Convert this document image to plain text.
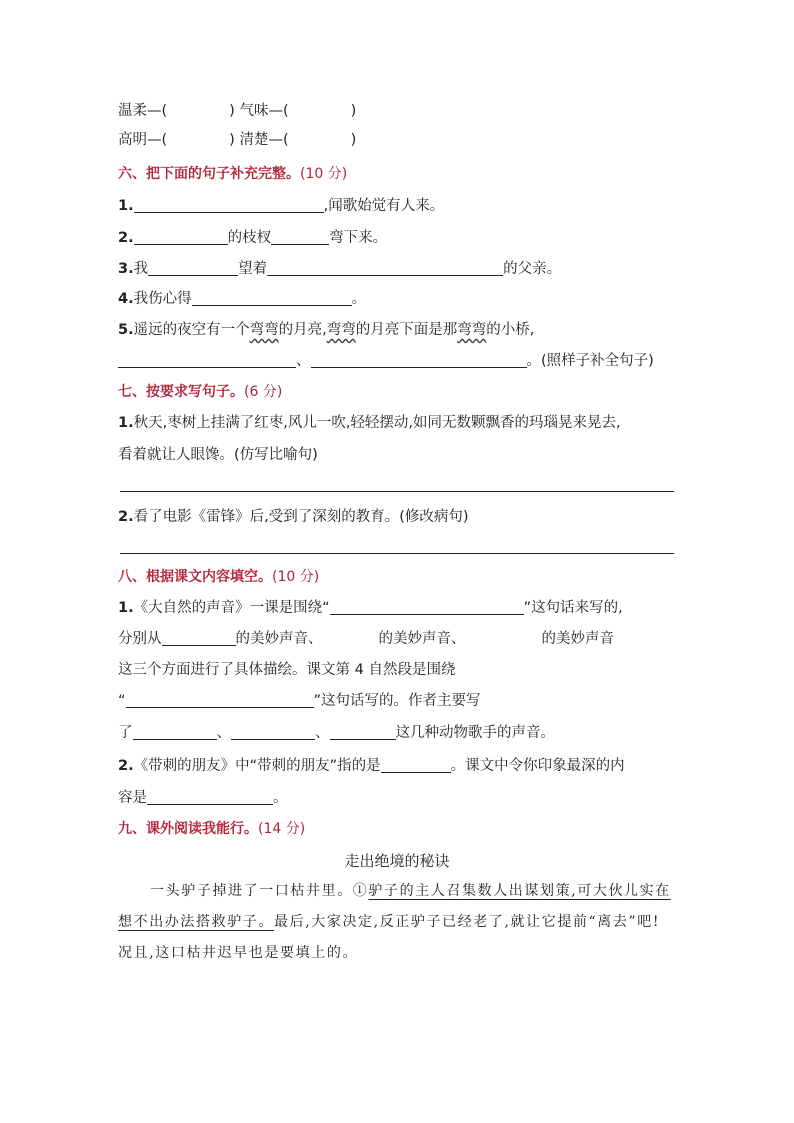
温柔—(	) 气味—(	)
高明—(	) 清楚—(	)
六、把下面的句子补充完整。(10 分)
1.	,闻歌始觉有人来。
2.	的枝杈	弯下来。
3.我	望着	的父亲。
4.我伤心得	。
5.遥远的夜空有一个弯弯的月亮,弯弯的月亮下面是那弯弯的小桥,
、	。(照样子补全句子)
七、按要求写句子。(6 分)
1.秋天,枣树上挂满了红枣,风儿一吹,轻轻摆动,如同无数颗飘香的玛瑙晃来晃去,
看着就让人眼馋。(仿写比喻句)
2.看了电影《雷锋》后,受到了深刻的教育。(修改病句)
八、根据课文内容填空。(10 分)
1.《大自然的声音》一课是围绕“	”这句话来写的,
分别从	的美妙声音、	的美妙声音、	的美妙声音
这三个方面进行了具体描绘。课文第 4 自然段是围绕
“	”这句话写的。作者主要写
了	、	、	这几种动物歌手的声音。
2.《带刺的朋友》中“带刺的朋友”指的是	。课文中令你印象最深的内
容是	。
九、课外阅读我能行。(14 分)
走出绝境的秘诀
一头驴子掉进了一口枯井里。①驴子的主人召集数人出谋划策,可大伙儿实在
想不出办法搭救驴子。最后,大家决定,反正驴子已经老了,就让它提前“离去”吧!
况且,这口枯井迟早也是要填上的。
